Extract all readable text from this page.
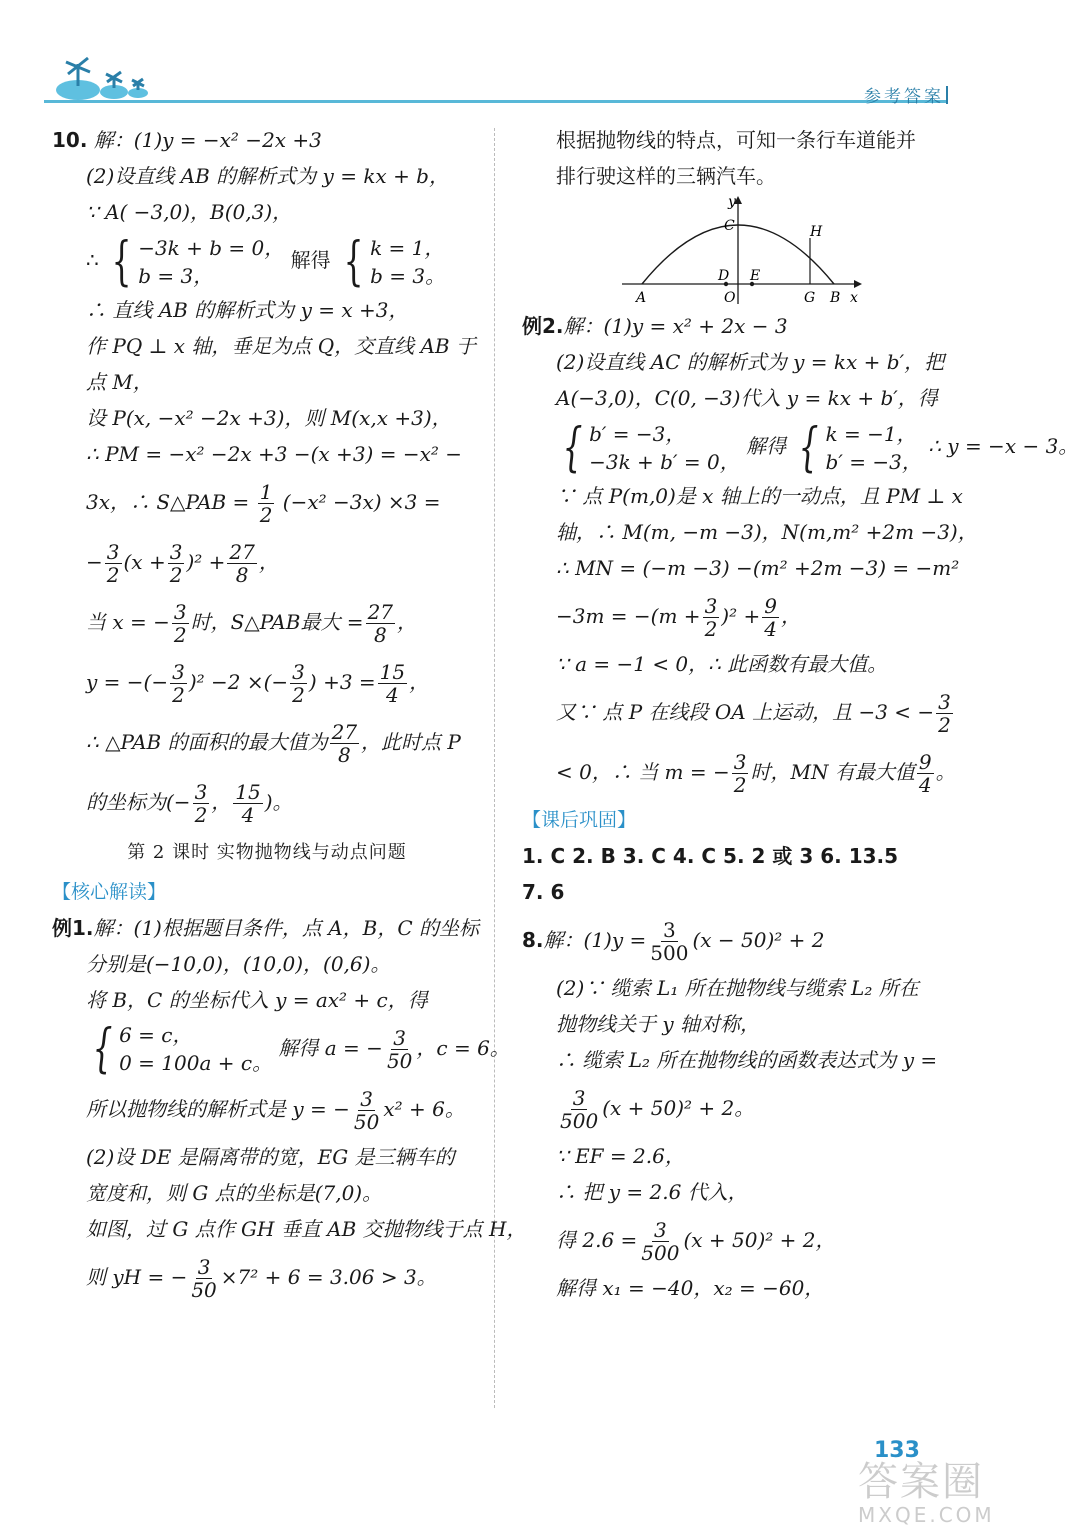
参考答案
10. 解：(1)y = −x² −2x +3
(2)设直线 AB 的解析式为 y = kx + b，
∵ A( −3,0)，B(0,3)，
∴ { −3k + b = 0，
b = 3，
解得 { k = 1，
b = 3。
∴ 直线 AB 的解析式为 y = x +3，
作 PQ ⊥ x 轴，垂足为点 Q，交直线 AB 于
点 M，
设 P(x, −x² −2x +3)，则 M(x,x +3)，
∴ PM = −x² −2x +3 −(x +3) = −x² −
3x，∴ S△PAB = $\frac{1}{2} (-x^2 -3x) \times 3$ =
− $\frac{3}{2} (x + \frac{3}{2} )^2 + \frac{27}{8}$ ，
当 x = − $\frac{3}{2}$ 时，S△PAB最大 = $\frac{27}{8}$ ，
y = −(− $\frac{3}{2} )^2 -2$ ×(− $\frac{3}{2}$ ) $+3 = \frac{15}{4}$ ，
∴ △PAB 的面积的最大值为 $\frac{27}{8}$ ，此时点 P
的坐标为(− $\frac{3}{2}$ ， $\frac{15}{4}$ )。
第 2 课时 实物抛物线与动点问题
【核心解读】
例1.解：(1)根据题目条件，点 A，B，C 的坐标
分别是(−10,0)，(10,0)，(0,6)。
将 B，C 的坐标代入 y = ax² + c，得
{ 6 = c，
0 = 100a + c。
解得 a = − $\frac{3}{50}$ ，c = 6。
所以抛物线的解析式是 y = − $\frac{3}{50} x^2 + 6$。
(2)设 DE 是隔离带的宽，EG 是三辆车的
宽度和，则 G 点的坐标是(7,0)。
如图，过 G 点作 GH 垂直 AB 交抛物线于点 H，
则 yH = − $\frac{3}{50} \times 7^2 + 6 = 3.06 > 3$。
根据抛物线的特点，可知一条行车道能并
排行驶这样的三辆汽车。
y
C	H
D E
A	O	G B x
例2.解：(1)y = x² + 2x − 3
(2)设直线 AC 的解析式为 y = kx + b′，把
A(−3,0)，C(0, −3)代入 y = kx + b′，得
{ b′ = −3，
−3k + b′ = 0，
解得 { k = −1，
b′ = −3，
∴ y = −x − 3。
∵ 点 P(m,0)是 x 轴上的一动点，且 PM ⊥ x
轴，∴ M(m, −m −3)，N(m,m² +2m −3)，
∴ MN = (−m −3) −(m² +2m −3) = −m²
$-3m = -(m + \frac{3}{2} )^2 + \frac{9}{4}$ ，
∵ a = −1 < 0，∴ 此函数有最大值。
又∵ 点 P 在线段 OA 上运动，且 −3 < − $\frac{3}{2}$
< 0，∴ 当 m = − $\frac{3}{2}$ 时，MN 有最大值 $\frac{9}{4}$ 。
【课后巩固】
1. C 2. B 3. C 4. C 5. 2 或 3 6. 13.5
7. 6
8.解：$(1)y = \frac{3}{500} (x - 50)^2 + 2$
(2)∵ 缆索 L₁ 所在抛物线与缆索 L₂ 所在
抛物线关于 y 轴对称，
∴ 缆索 L₂ 所在抛物线的函数表达式为 y =
$\frac{3}{500} (x + 50)^2 + 2$。
∵ EF = 2.6，
∴ 把 y = 2.6 代入，
得 $2.6 = \frac{3}{500} (x + 50)^2 + 2$，
解得 x₁ = −40，x₂ = −60，
133
答案圈
MXQE.COM
